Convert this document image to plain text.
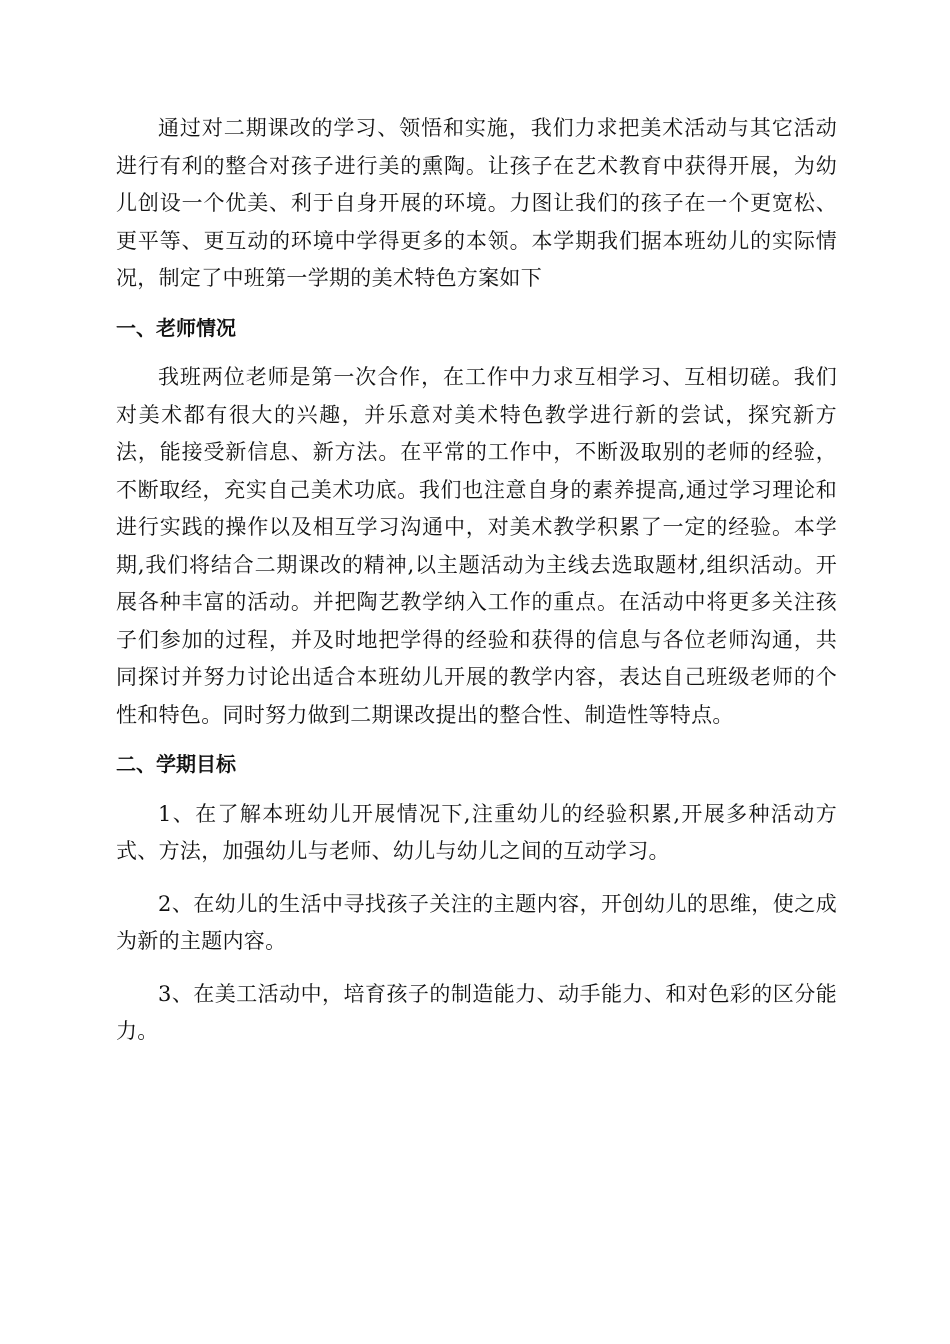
通过对二期课改的学习、领悟和实施，我们力求把美术活动与其它活动进行有利的整合对孩子进行美的熏陶。让孩子在艺术教育中获得开展，为幼儿创设一个优美、利于自身开展的环境。力图让我们的孩子在一个更宽松、更平等、更互动的环境中学得更多的本领。本学期我们据本班幼儿的实际情况，制定了中班第一学期的美术特色方案如下

一、老师情况

我班两位老师是第一次合作，在工作中力求互相学习、互相切磋。我们对美术都有很大的兴趣，并乐意对美术特色教学进行新的尝试，探究新方法，能接受新信息、新方法。在平常的工作中，不断汲取别的老师的经验，不断取经，充实自己美术功底。我们也注意自身的素养提高,通过学习理论和进行实践的操作以及相互学习沟通中，对美术教学积累了一定的经验。本学期,我们将结合二期课改的精神,以主题活动为主线去选取题材,组织活动。开展各种丰富的活动。并把陶艺教学纳入工作的重点。在活动中将更多关注孩子们参加的过程，并及时地把学得的经验和获得的信息与各位老师沟通，共同探讨并努力讨论出适合本班幼儿开展的教学内容，表达自己班级老师的个性和特色。同时努力做到二期课改提出的整合性、制造性等特点。

二、学期目标

1、在了解本班幼儿开展情况下,注重幼儿的经验积累,开展多种活动方式、方法，加强幼儿与老师、幼儿与幼儿之间的互动学习。

2、在幼儿的生活中寻找孩子关注的主题内容，开创幼儿的思维，使之成为新的主题内容。

3、在美工活动中，培育孩子的制造能力、动手能力、和对色彩的区分能力。
